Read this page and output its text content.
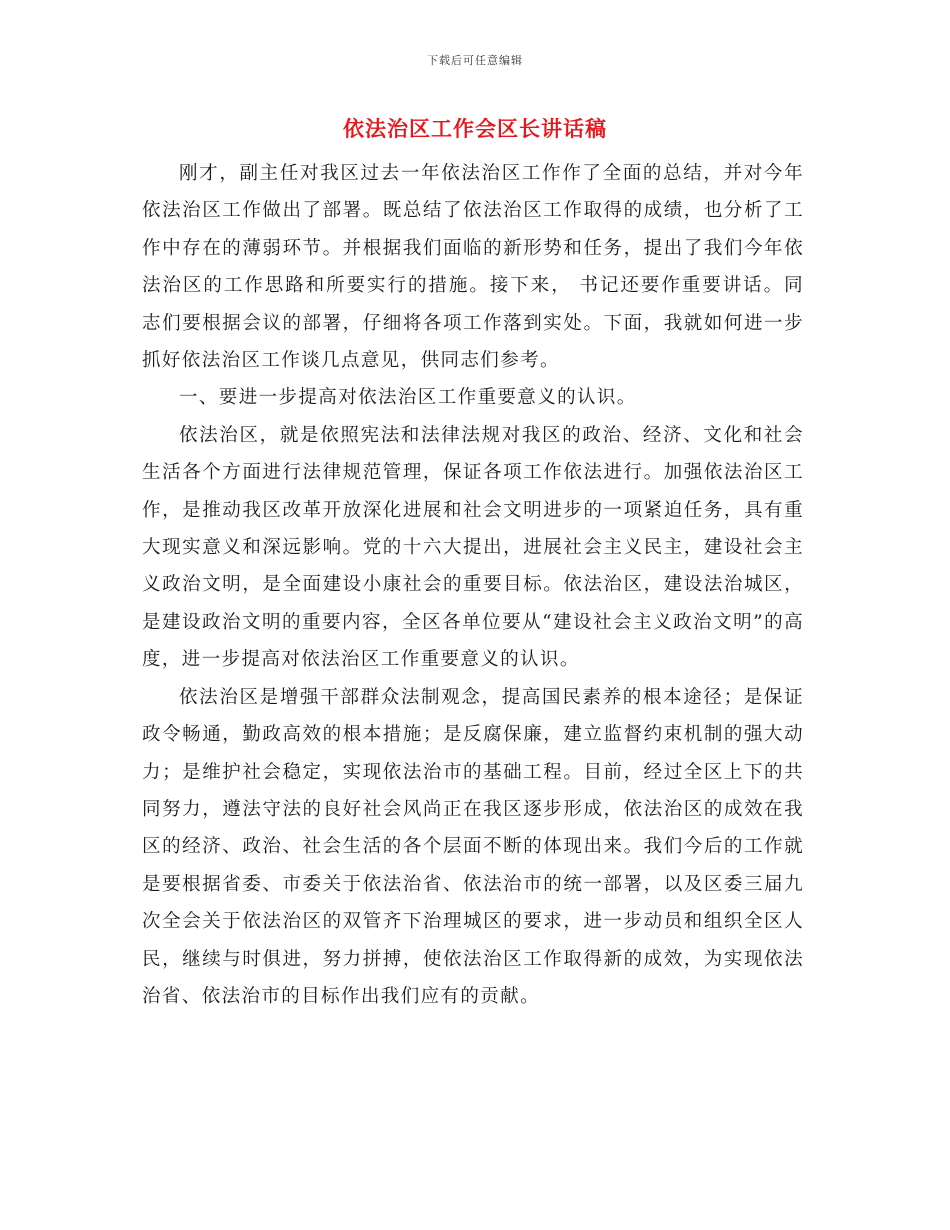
下载后可任意编辑
依法治区工作会区长讲话稿

刚才，副主任对我区过去一年依法治区工作作了全面的总结，并对今年依法治区工作做出了部署。既总结了依法治区工作取得的成绩，也分析了工作中存在的薄弱环节。并根据我们面临的新形势和任务，提出了我们今年依法治区的工作思路和所要实行的措施。接下来， 书记还要作重要讲话。同志们要根据会议的部署，仔细将各项工作落到实处。下面，我就如何进一步抓好依法治区工作谈几点意见，供同志们参考。

一、要进一步提高对依法治区工作重要意义的认识。

依法治区，就是依照宪法和法律法规对我区的政治、经济、文化和社会生活各个方面进行法律规范管理，保证各项工作依法进行。加强依法治区工作，是推动我区改革开放深化进展和社会文明进步的一项紧迫任务，具有重大现实意义和深远影响。党的十六大提出，进展社会主义民主，建设社会主义政治文明，是全面建设小康社会的重要目标。依法治区，建设法治城区，是建设政治文明的重要内容，全区各单位要从“建设社会主义政治文明”的高度，进一步提高对依法治区工作重要意义的认识。

依法治区是增强干部群众法制观念，提高国民素养的根本途径；是保证政令畅通，勤政高效的根本措施；是反腐保廉，建立监督约束机制的强大动力；是维护社会稳定，实现依法治市的基础工程。目前，经过全区上下的共同努力，遵法守法的良好社会风尚正在我区逐步形成，依法治区的成效在我区的经济、政治、社会生活的各个层面不断的体现出来。我们今后的工作就是要根据省委、市委关于依法治省、依法治市的统一部署，以及区委三届九次全会关于依法治区的双管齐下治理城区的要求，进一步动员和组织全区人民，继续与时俱进，努力拼搏，使依法治区工作取得新的成效，为实现依法治省、依法治市的目标作出我们应有的贡献。
